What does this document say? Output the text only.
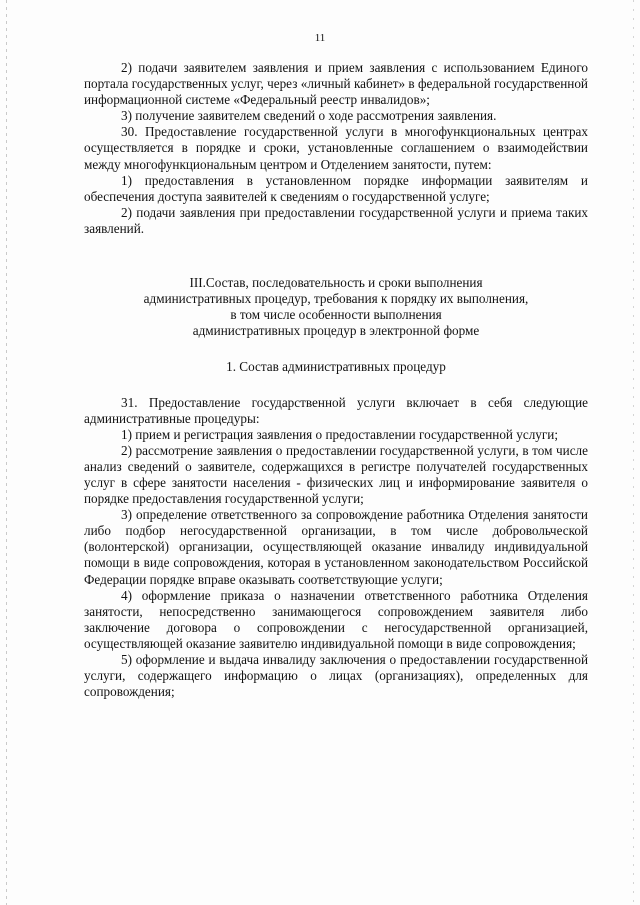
11

2) подачи заявителем заявления и прием заявления с использованием Единого портала государственных услуг, через «личный кабинет» в федеральной государственной информационной системе «Федеральный реестр инвалидов»;

3) получение заявителем сведений о ходе рассмотрения заявления.

30. Предоставление государственной услуги в многофункциональных центрах осуществляется в порядке и сроки, установленные соглашением о взаимодействии между многофункциональным центром и Отделением занятости, путем:

1) предоставления в установленном порядке информации заявителям и обеспечения доступа заявителей к сведениям о государственной услуге;

2) подачи заявления при предоставлении государственной услуги и приема таких заявлений.

III.Состав, последовательность и сроки выполнения
административных процедур, требования к порядку их выполнения,
в том числе особенности выполнения
административных процедур в электронной форме
1. Состав административных процедур

31. Предоставление государственной услуги включает в себя следующие административные процедуры:

1) прием и регистрация заявления о предоставлении государственной услуги;

2) рассмотрение заявления о предоставлении государственной услуги, в том числе анализ сведений о заявителе, содержащихся в регистре получателей государственных услуг в сфере занятости населения - физических лиц и информирование заявителя о порядке предоставления государственной услуги;

3) определение ответственного за сопровождение работника Отделения занятости либо подбор негосударственной организации, в том числе добровольческой (волонтерской) организации, осуществляющей оказание инвалиду индивидуальной помощи в виде сопровождения, которая в установленном законодательством Российской Федерации порядке вправе оказывать соответствующие услуги;

4) оформление приказа о назначении ответственного работника Отделения занятости, непосредственно занимающегося сопровождением заявителя либо заключение договора о сопровождении с негосударственной организацией, осуществляющей оказание заявителю индивидуальной помощи в виде сопровождения;

5) оформление и выдача инвалиду заключения о предоставлении государственной услуги, содержащего информацию о лицах (организациях), определенных для сопровождения;
